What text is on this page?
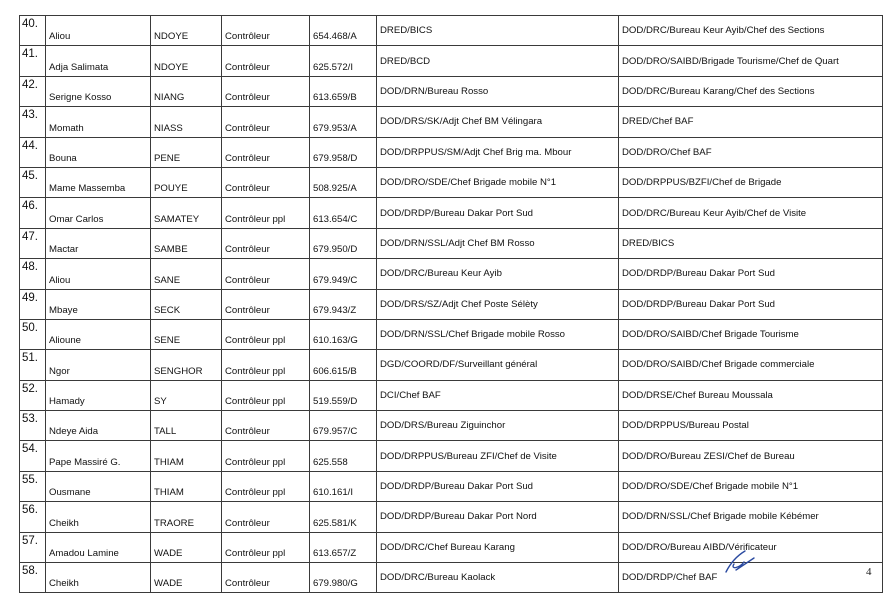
40.	Aliou	NDOYE	Contrôleur	654.468/A	DRED/BICS	DOD/DRC/Bureau Keur Ayib/Chef des Sections
41.	Adja Salimata	NDOYE	Contrôleur	625.572/I	DRED/BCD	DOD/DRO/SAIBD/Brigade Tourisme/Chef de Quart
42.	Serigne Kosso	NIANG	Contrôleur	613.659/B	DOD/DRN/Bureau Rosso	DOD/DRC/Bureau Karang/Chef des Sections
43.	Momath	NIASS	Contrôleur	679.953/A	DOD/DRS/SK/Adjt Chef BM Vélingara	DRED/Chef BAF
44.	Bouna	PENE	Contrôleur	679.958/D	DOD/DRPPUS/SM/Adjt Chef Brig ma. Mbour	DOD/DRO/Chef BAF
45.	Mame Massemba	POUYE	Contrôleur	508.925/A	DOD/DRO/SDE/Chef Brigade mobile N°1	DOD/DRPPUS/BZFI/Chef de Brigade
46.	Omar Carlos	SAMATEY	Contrôleur ppl	613.654/C	DOD/DRDP/Bureau Dakar Port Sud	DOD/DRC/Bureau Keur Ayib/Chef de Visite
47.	Mactar	SAMBE	Contrôleur	679.950/D	DOD/DRN/SSL/Adjt Chef BM Rosso	DRED/BICS
48.	Aliou	SANE	Contrôleur	679.949/C	DOD/DRC/Bureau Keur Ayib	DOD/DRDP/Bureau Dakar Port Sud
49.	Mbaye	SECK	Contrôleur	679.943/Z	DOD/DRS/SZ/Adjt Chef Poste Sélèty	DOD/DRDP/Bureau Dakar Port Sud
50.	Alioune	SENE	Contrôleur ppl	610.163/G	DOD/DRN/SSL/Chef Brigade mobile Rosso	DOD/DRO/SAIBD/Chef Brigade Tourisme
51.	Ngor	SENGHOR	Contrôleur ppl	606.615/B	DGD/COORD/DF/Surveillant général	DOD/DRO/SAIBD/Chef Brigade commerciale
52.	Hamady	SY	Contrôleur ppl	519.559/D	DCI/Chef BAF	DOD/DRSE/Chef Bureau Moussala
53.	Ndeye Aida	TALL	Contrôleur	679.957/C	DOD/DRS/Bureau Ziguinchor	DOD/DRPPUS/Bureau Postal
54.	Pape Massiré G.	THIAM	Contrôleur ppl	625.558	DOD/DRPPUS/Bureau ZFI/Chef de Visite	DOD/DRO/Bureau ZESI/Chef de Bureau
55.	Ousmane	THIAM	Contrôleur ppl	610.161/I	DOD/DRDP/Bureau Dakar Port Sud	DOD/DRO/SDE/Chef Brigade mobile N°1
56.	Cheikh	TRAORE	Contrôleur	625.581/K	DOD/DRDP/Bureau Dakar Port Nord	DOD/DRN/SSL/Chef Brigade mobile Kébémer
57.	Amadou Lamine	WADE	Contrôleur ppl	613.657/Z	DOD/DRC/Chef Bureau Karang	DOD/DRO/Bureau AIBD/Vérificateur
58.	Cheikh	WADE	Contrôleur	679.980/G	DOD/DRC/Bureau Kaolack	DOD/DRDP/Chef BAF	4
